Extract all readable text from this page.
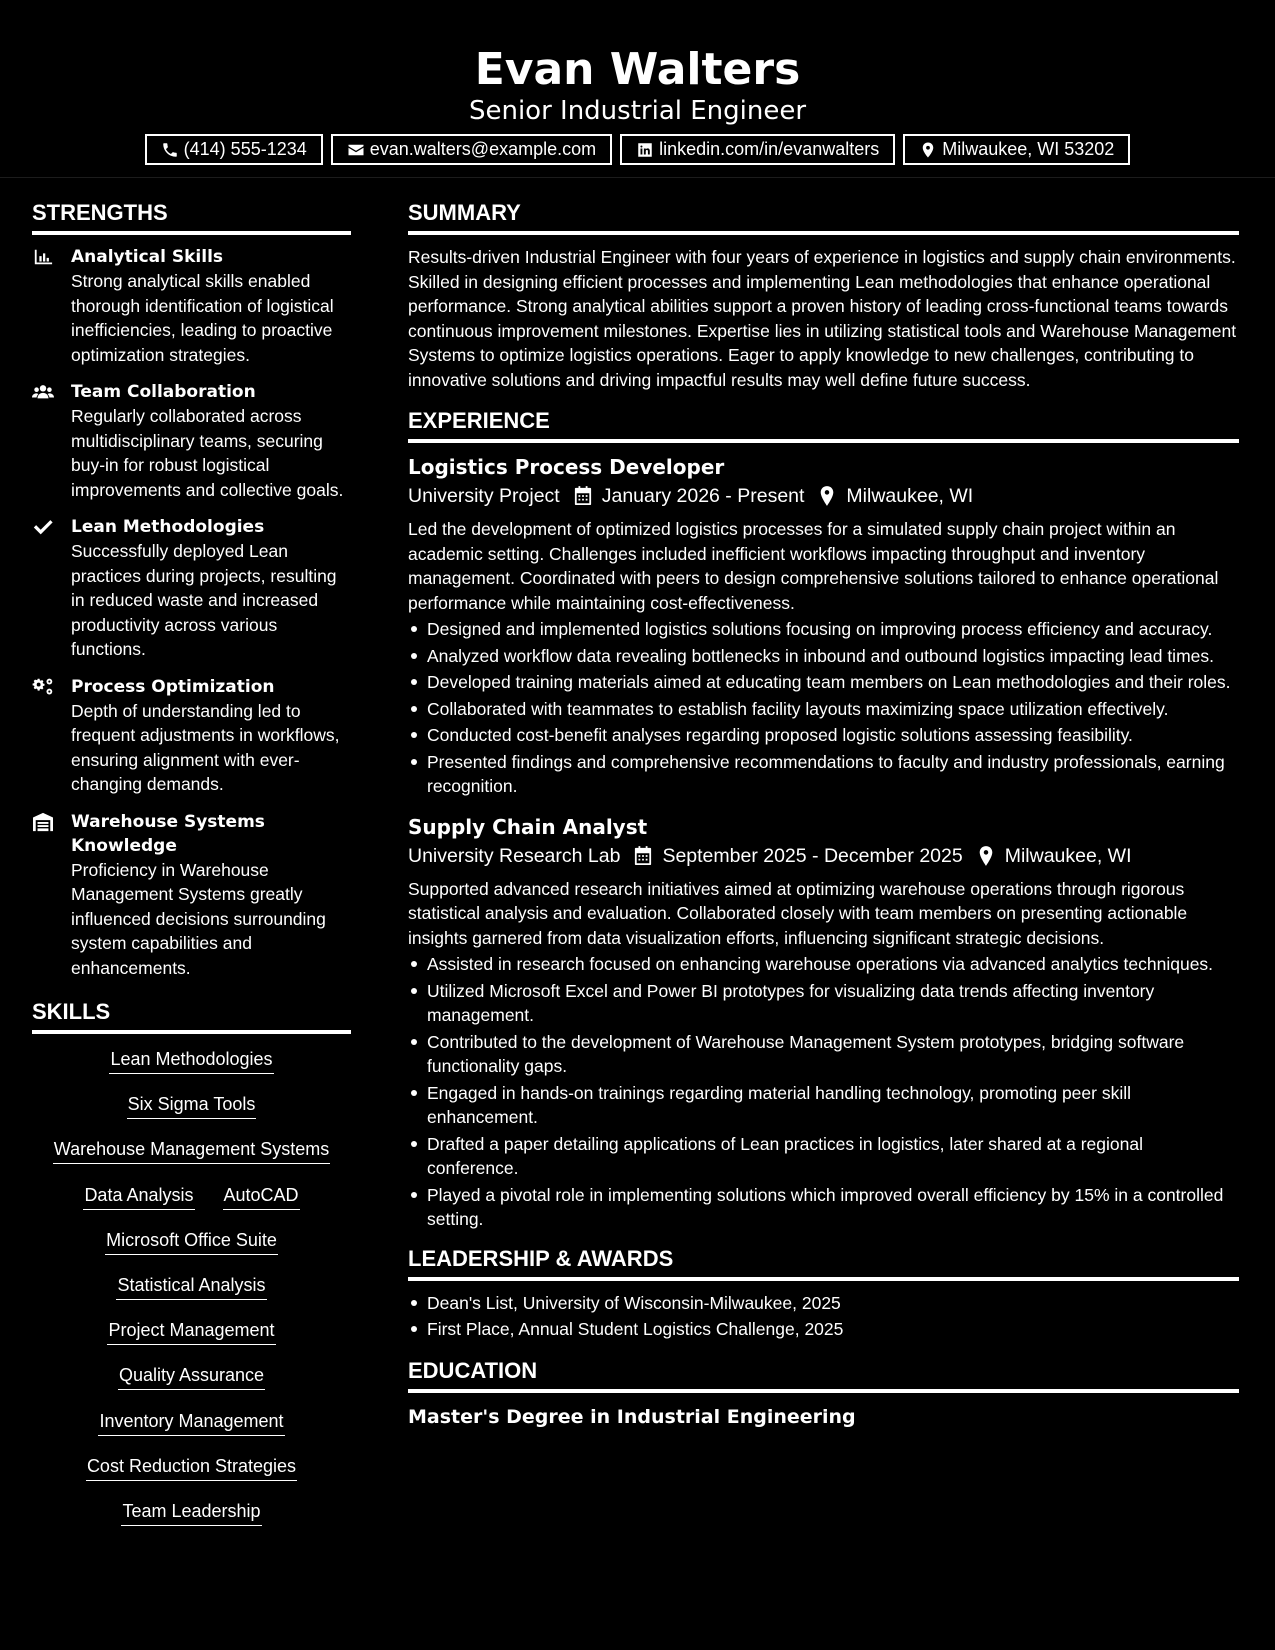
Evan Walters
Senior Industrial Engineer
(414) 555-1234	evan.walters@example.com	linkedin.com/in/evanwalters	Milwaukee, WI 53202
STRENGTHS
Analytical Skills
Strong analytical skills enabled thorough identification of logistical inefficiencies, leading to proactive optimization strategies.
Team Collaboration
Regularly collaborated across multidisciplinary teams, securing buy-in for robust logistical improvements and collective goals.
Lean Methodologies
Successfully deployed Lean practices during projects, resulting in reduced waste and increased productivity across various functions.
Process Optimization
Depth of understanding led to frequent adjustments in workflows, ensuring alignment with ever-changing demands.
Warehouse Systems Knowledge
Proficiency in Warehouse Management Systems greatly influenced decisions surrounding system capabilities and enhancements.
SKILLS
Lean Methodologies
Six Sigma Tools
Warehouse Management Systems
Data Analysis AutoCAD
Microsoft Office Suite
Statistical Analysis
Project Management
Quality Assurance
Inventory Management
Cost Reduction Strategies
Team Leadership
SUMMARY
Results-driven Industrial Engineer with four years of experience in logistics and supply chain environments. Skilled in designing efficient processes and implementing Lean methodologies that enhance operational performance. Strong analytical abilities support a proven history of leading cross-functional teams towards continuous improvement milestones. Expertise lies in utilizing statistical tools and Warehouse Management Systems to optimize logistics operations. Eager to apply knowledge to new challenges, contributing to innovative solutions and driving impactful results may well define future success.
EXPERIENCE
Logistics Process Developer
University Project January 2026 - Present Milwaukee, WI
Led the development of optimized logistics processes for a simulated supply chain project within an academic setting. Challenges included inefficient workflows impacting throughput and inventory management. Coordinated with peers to design comprehensive solutions tailored to enhance operational performance while maintaining cost-effectiveness.
Designed and implemented logistics solutions focusing on improving process efficiency and accuracy.
Analyzed workflow data revealing bottlenecks in inbound and outbound logistics impacting lead times.
Developed training materials aimed at educating team members on Lean methodologies and their roles.
Collaborated with teammates to establish facility layouts maximizing space utilization effectively.
Conducted cost-benefit analyses regarding proposed logistic solutions assessing feasibility.
Presented findings and comprehensive recommendations to faculty and industry professionals, earning recognition.
Supply Chain Analyst
University Research Lab September 2025 - December 2025 Milwaukee, WI
Supported advanced research initiatives aimed at optimizing warehouse operations through rigorous statistical analysis and evaluation. Collaborated closely with team members on presenting actionable insights garnered from data visualization efforts, influencing significant strategic decisions.
Assisted in research focused on enhancing warehouse operations via advanced analytics techniques.
Utilized Microsoft Excel and Power BI prototypes for visualizing data trends affecting inventory management.
Contributed to the development of Warehouse Management System prototypes, bridging software functionality gaps.
Engaged in hands-on trainings regarding material handling technology, promoting peer skill enhancement.
Drafted a paper detailing applications of Lean practices in logistics, later shared at a regional conference.
Played a pivotal role in implementing solutions which improved overall efficiency by 15% in a controlled setting.
LEADERSHIP & AWARDS
Dean's List, University of Wisconsin-Milwaukee, 2025
First Place, Annual Student Logistics Challenge, 2025
EDUCATION
Master's Degree in Industrial Engineering
